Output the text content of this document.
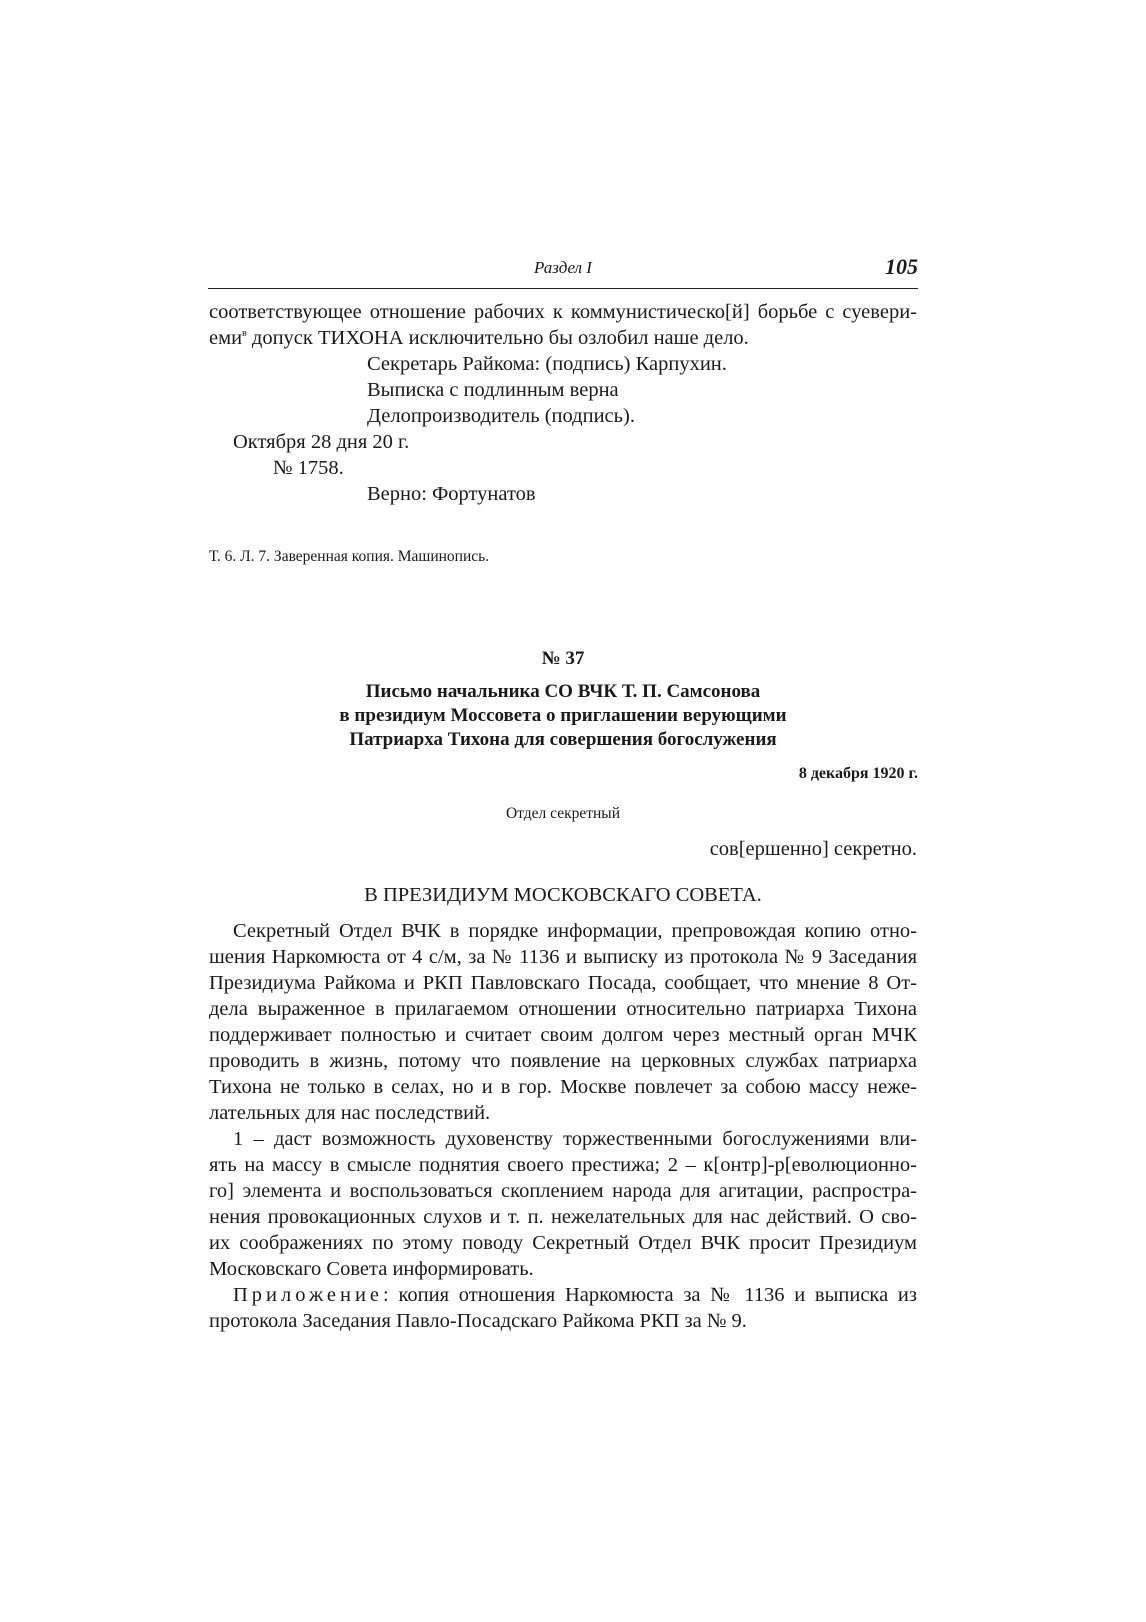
Раздел I	105
соответствующее отношение рабочих к коммунистическо[й] борьбе с суевери-
еми$^в$ допуск ТИХОНА исключительно бы озлобил наше дело.
Секретарь Райкома: (подпись) Карпухин.
Выписка с подлинным верна
Делопроизводитель (подпись).
Октября 28 дня 20 г.
№ 1758.
Верно: Фортунатов
Т. 6. Л. 7. Заверенная копия. Машинопись.
№ 37
Письмо начальника СО ВЧК Т. П. Самсонова
в президиум Моссовета о приглашении верующими
Патриарха Тихона для совершения богослужения
8 декабря 1920 г.
Отдел секретный
сов[ершенно] секретно.
В ПРЕЗИДИУМ МОСКОВСКАГО СОВЕТА.
Секретный Отдел ВЧК в порядке информации, препровождая копию отно-
шения Наркомюста от 4 с/м, за № 1136 и выписку из протокола № 9 Заседания
Президиума Райкома и РКП Павловскаго Посада, сообщает, что мнение 8 От-
дела выраженное в прилагаемом отношении относительно патриарха Тихона
поддерживает полностью и считает своим долгом через местный орган МЧК
проводить в жизнь, потому что появление на церковных службах патриарха
Тихона не только в селах, но и в гор. Москве повлечет за собою массу неже-
лательных для нас последствий.
1 – даст возможность духовенству торжественными богослужениями вли-
ять на массу в смысле поднятия своего престижа; 2 – к[онтр]-р[еволюционно-
го] элемента и воспользоваться скоплением народа для агитации, распростра-
нения провокационных слухов и т. п. нежелательных для нас действий. О сво-
их соображениях по этому поводу Секретный Отдел ВЧК просит Президиум
Московскаго Совета информировать.
Приложение: копия отношения Наркомюста за № 1136 и выписка из
протокола Заседания Павло-Посадскаго Райкома РКП за № 9.
